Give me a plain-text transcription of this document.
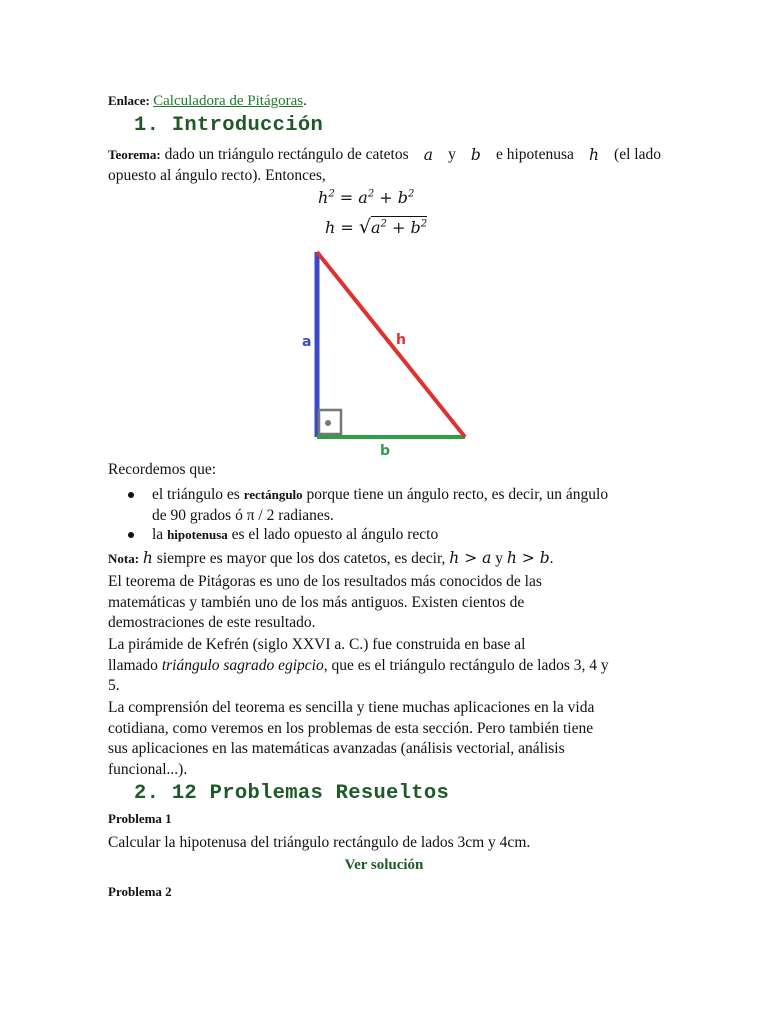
Enlace: Calculadora de Pitágoras.
1. Introducción
Teorema: dado un triángulo rectángulo de catetos a y b e hipotenusa h (el lado
opuesto al ángulo recto). Entonces,
$h^2 = a^2 + b^2$
$h = √a^2 + b^2$
a	h
b
Recordemos que:
el triángulo es rectángulo porque tiene un ángulo recto, es decir, un ángulo
de 90 grados ó π / 2 radianes.
la hipotenusa es el lado opuesto al ángulo recto
Nota: h siempre es mayor que los dos catetos, es decir, h > a y h > b.
El teorema de Pitágoras es uno de los resultados más conocidos de las
matemáticas y también uno de los más antiguos. Existen cientos de
demostraciones de este resultado.
La pirámide de Kefrén (siglo XXVI a. C.) fue construida en base al
llamado triángulo sagrado egipcio, que es el triángulo rectángulo de lados 3, 4 y
5.
La comprensión del teorema es sencilla y tiene muchas aplicaciones en la vida
cotidiana, como veremos en los problemas de esta sección. Pero también tiene
sus aplicaciones en las matemáticas avanzadas (análisis vectorial, análisis
funcional...).
2. 12 Problemas Resueltos
Problema 1
Calcular la hipotenusa del triángulo rectángulo de lados 3cm y 4cm.
Ver solución
Problema 2
